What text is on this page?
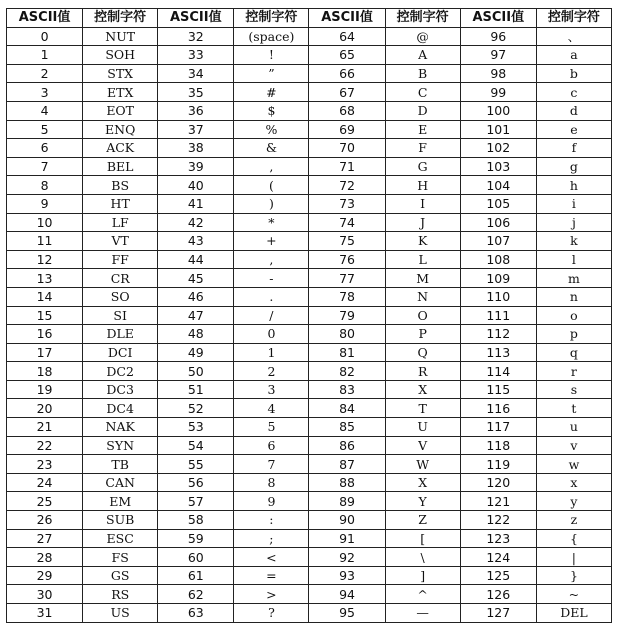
ASCII值	控制字符	ASCII值	控制字符	ASCII值	控制字符	ASCII值	控制字符
0	NUT	32	(space)	64	@	96	、
1	SOH	33	!	65	A	97	a
2	STX	34	”	66	B	98	b
3	ETX	35	#	67	C	99	c
4	EOT	36	$	68	D	100	d
5	ENQ	37	%	69	E	101	e
6	ACK	38	&	70	F	102	f
7	BEL	39	,	71	G	103	g
8	BS	40	(	72	H	104	h
9	HT	41	)	73	I	105	i
10	LF	42	*	74	J	106	j
11	VT	43	+	75	K	107	k
12	FF	44	,	76	L	108	l
13	CR	45	-	77	M	109	m
14	SO	46	.	78	N	110	n
15	SI	47	/	79	O	111	o
16	DLE	48	0	80	P	112	p
17	DCI	49	1	81	Q	113	q
18	DC2	50	2	82	R	114	r
19	DC3	51	3	83	X	115	s
20	DC4	52	4	84	T	116	t
21	NAK	53	5	85	U	117	u
22	SYN	54	6	86	V	118	v
23	TB	55	7	87	W	119	w
24	CAN	56	8	88	X	120	x
25	EM	57	9	89	Y	121	y
26	SUB	58	:	90	Z	122	z
27	ESC	59	;	91	[	123	{
28	FS	60	<	92	\	124	|
29	GS	61	=	93	]	125	}
30	RS	62	>	94	^	126	~
31	US	63	?	95	—	127	DEL
